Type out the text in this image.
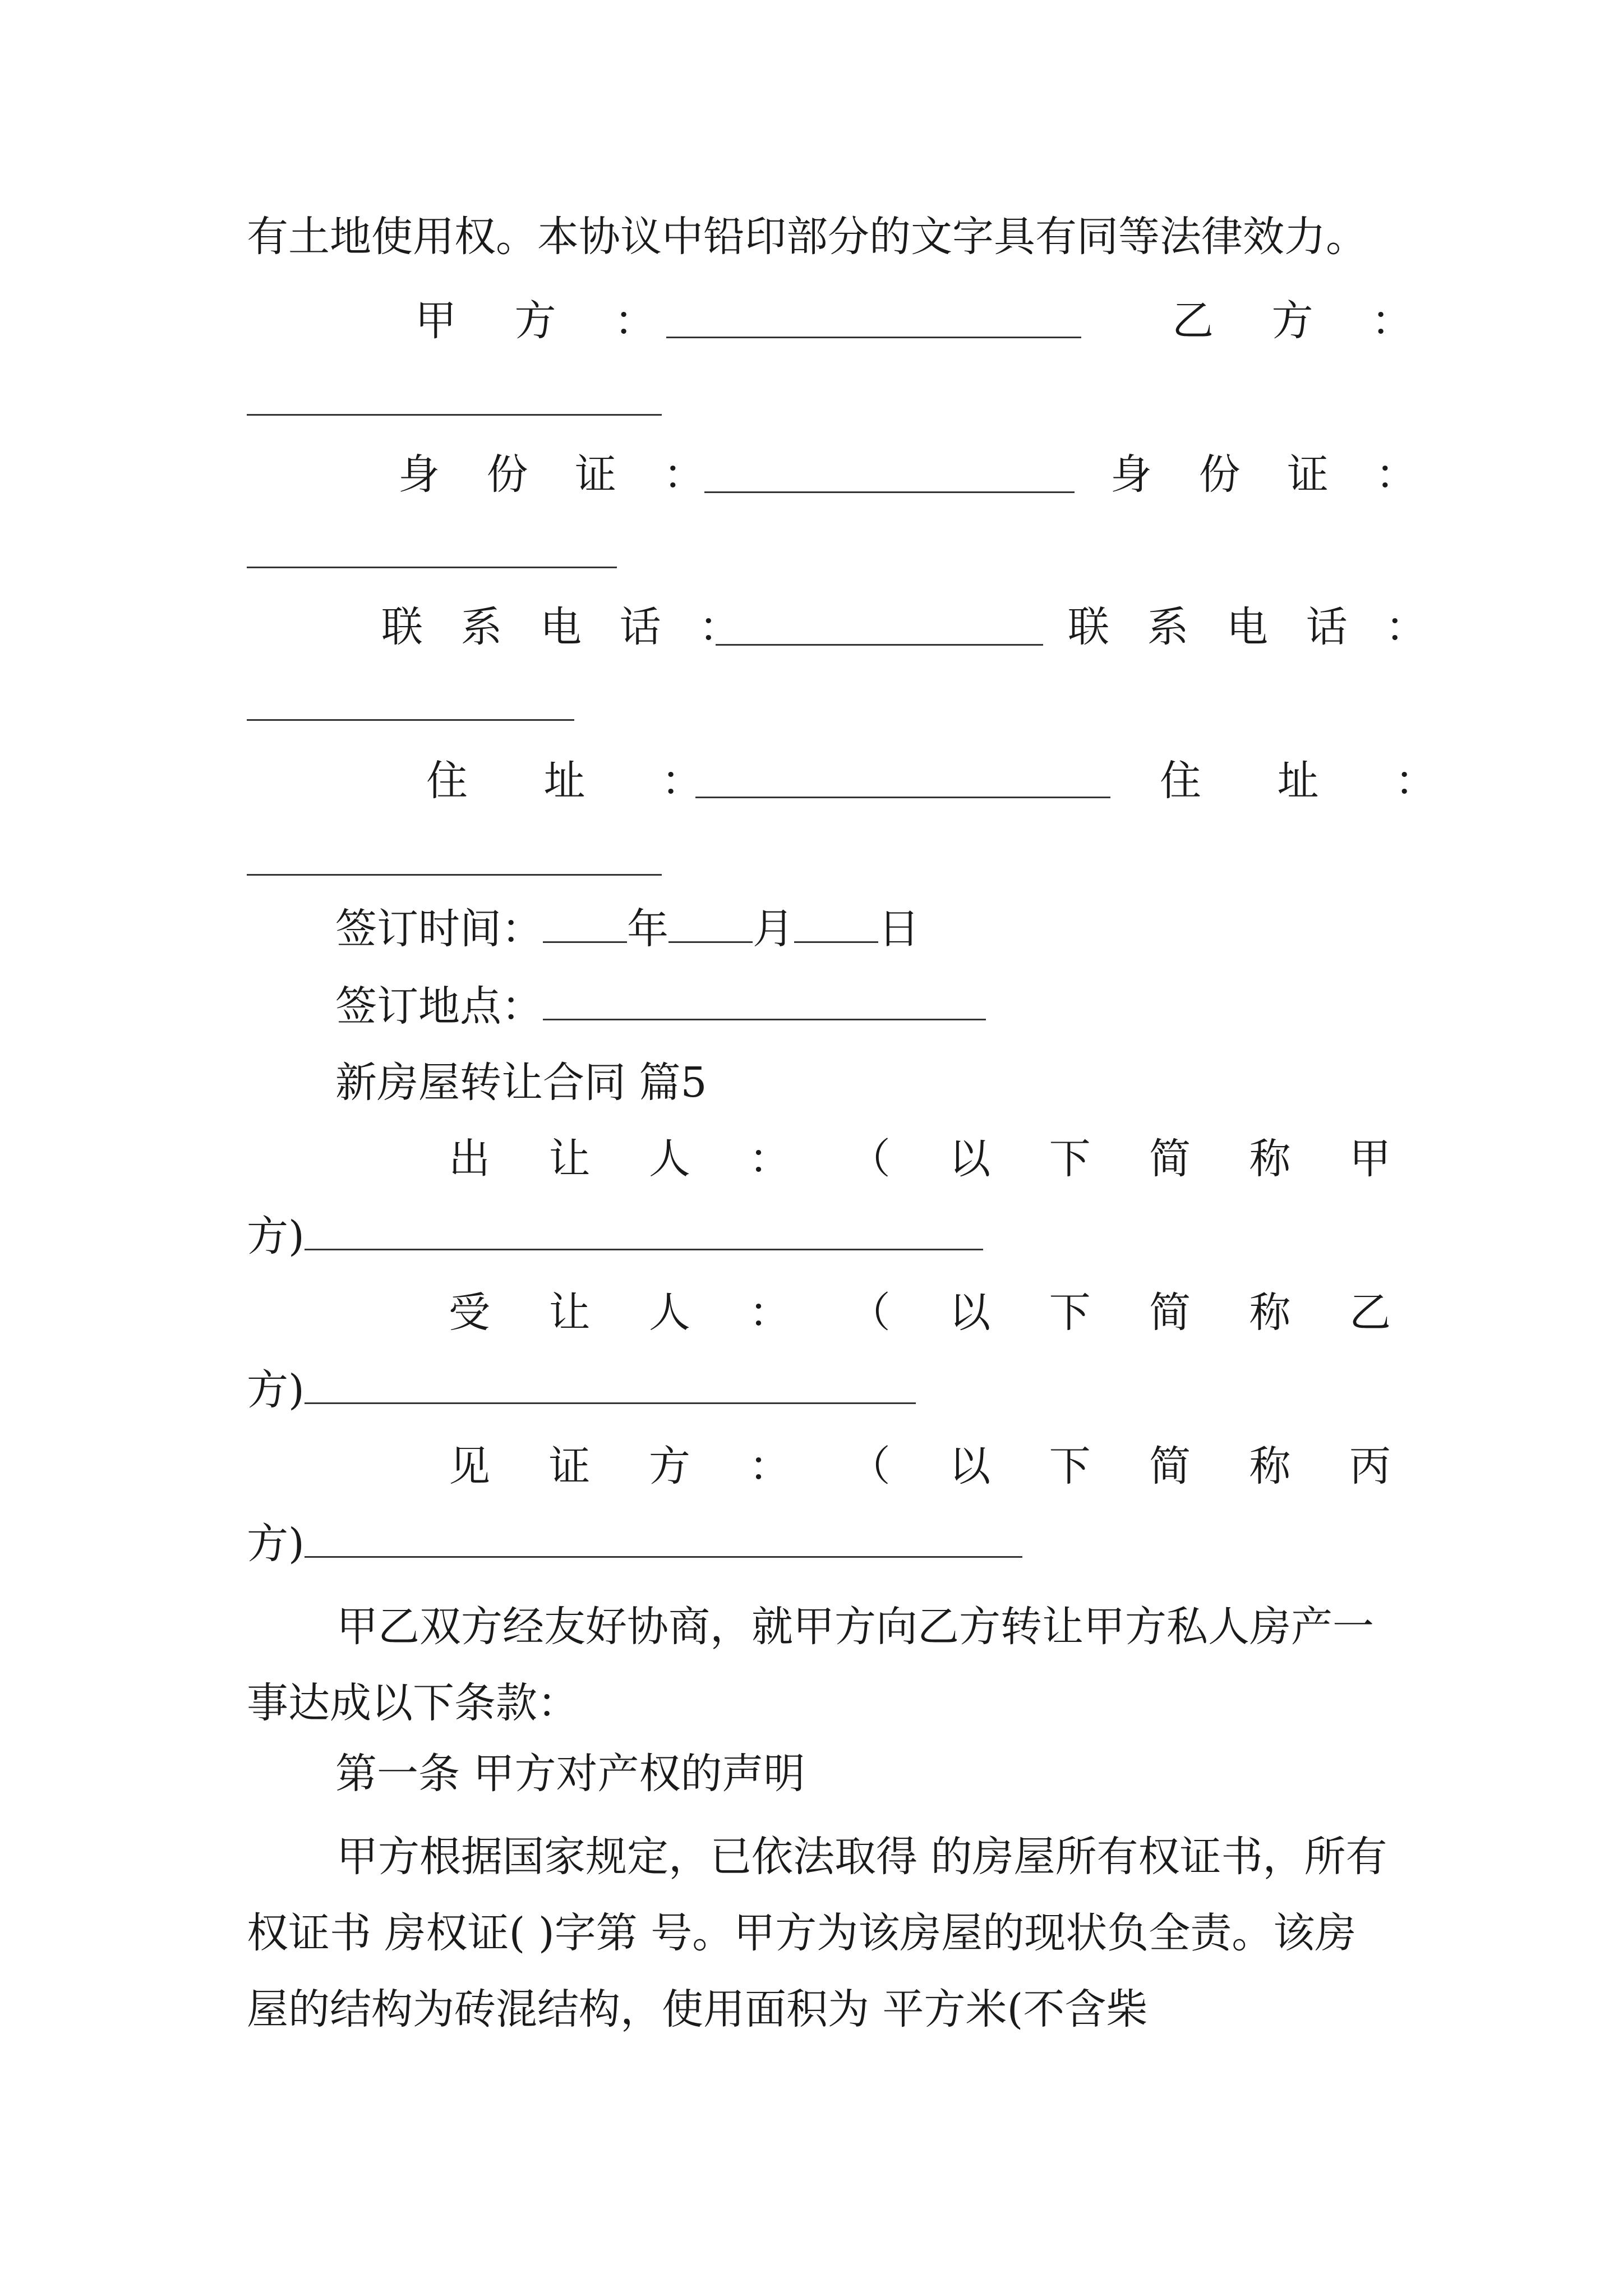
有土地使用权。本协议中铅印部分的文字具有同等法律效力。
甲 方 ：	乙 方 ：
身 份 证 ：	身 份 证 ：
联 系 电 话 ：	联 系 电 话 ：
住 址 ：	住 址 ：
签订时间： 年 月 日
签订地点：
新房屋转让合同 篇5
出 让 人 ： （ 以 下 简 称 甲
方)
受 让 人 ： （ 以 下 简 称 乙
方)
见 证 方 ： （ 以 下 简 称 丙
方)
甲乙双方经友好协商，就甲方向乙方转让甲方私人房产一事达成以下条款：
第一条 甲方对产权的声明
甲方根据国家规定，已依法取得 的房屋所有权证书，所有权证书 房权证( )字第 号。甲方为该房屋的现状负全责。该房屋的结构为砖混结构，使用面积为 平方米(不含柴
